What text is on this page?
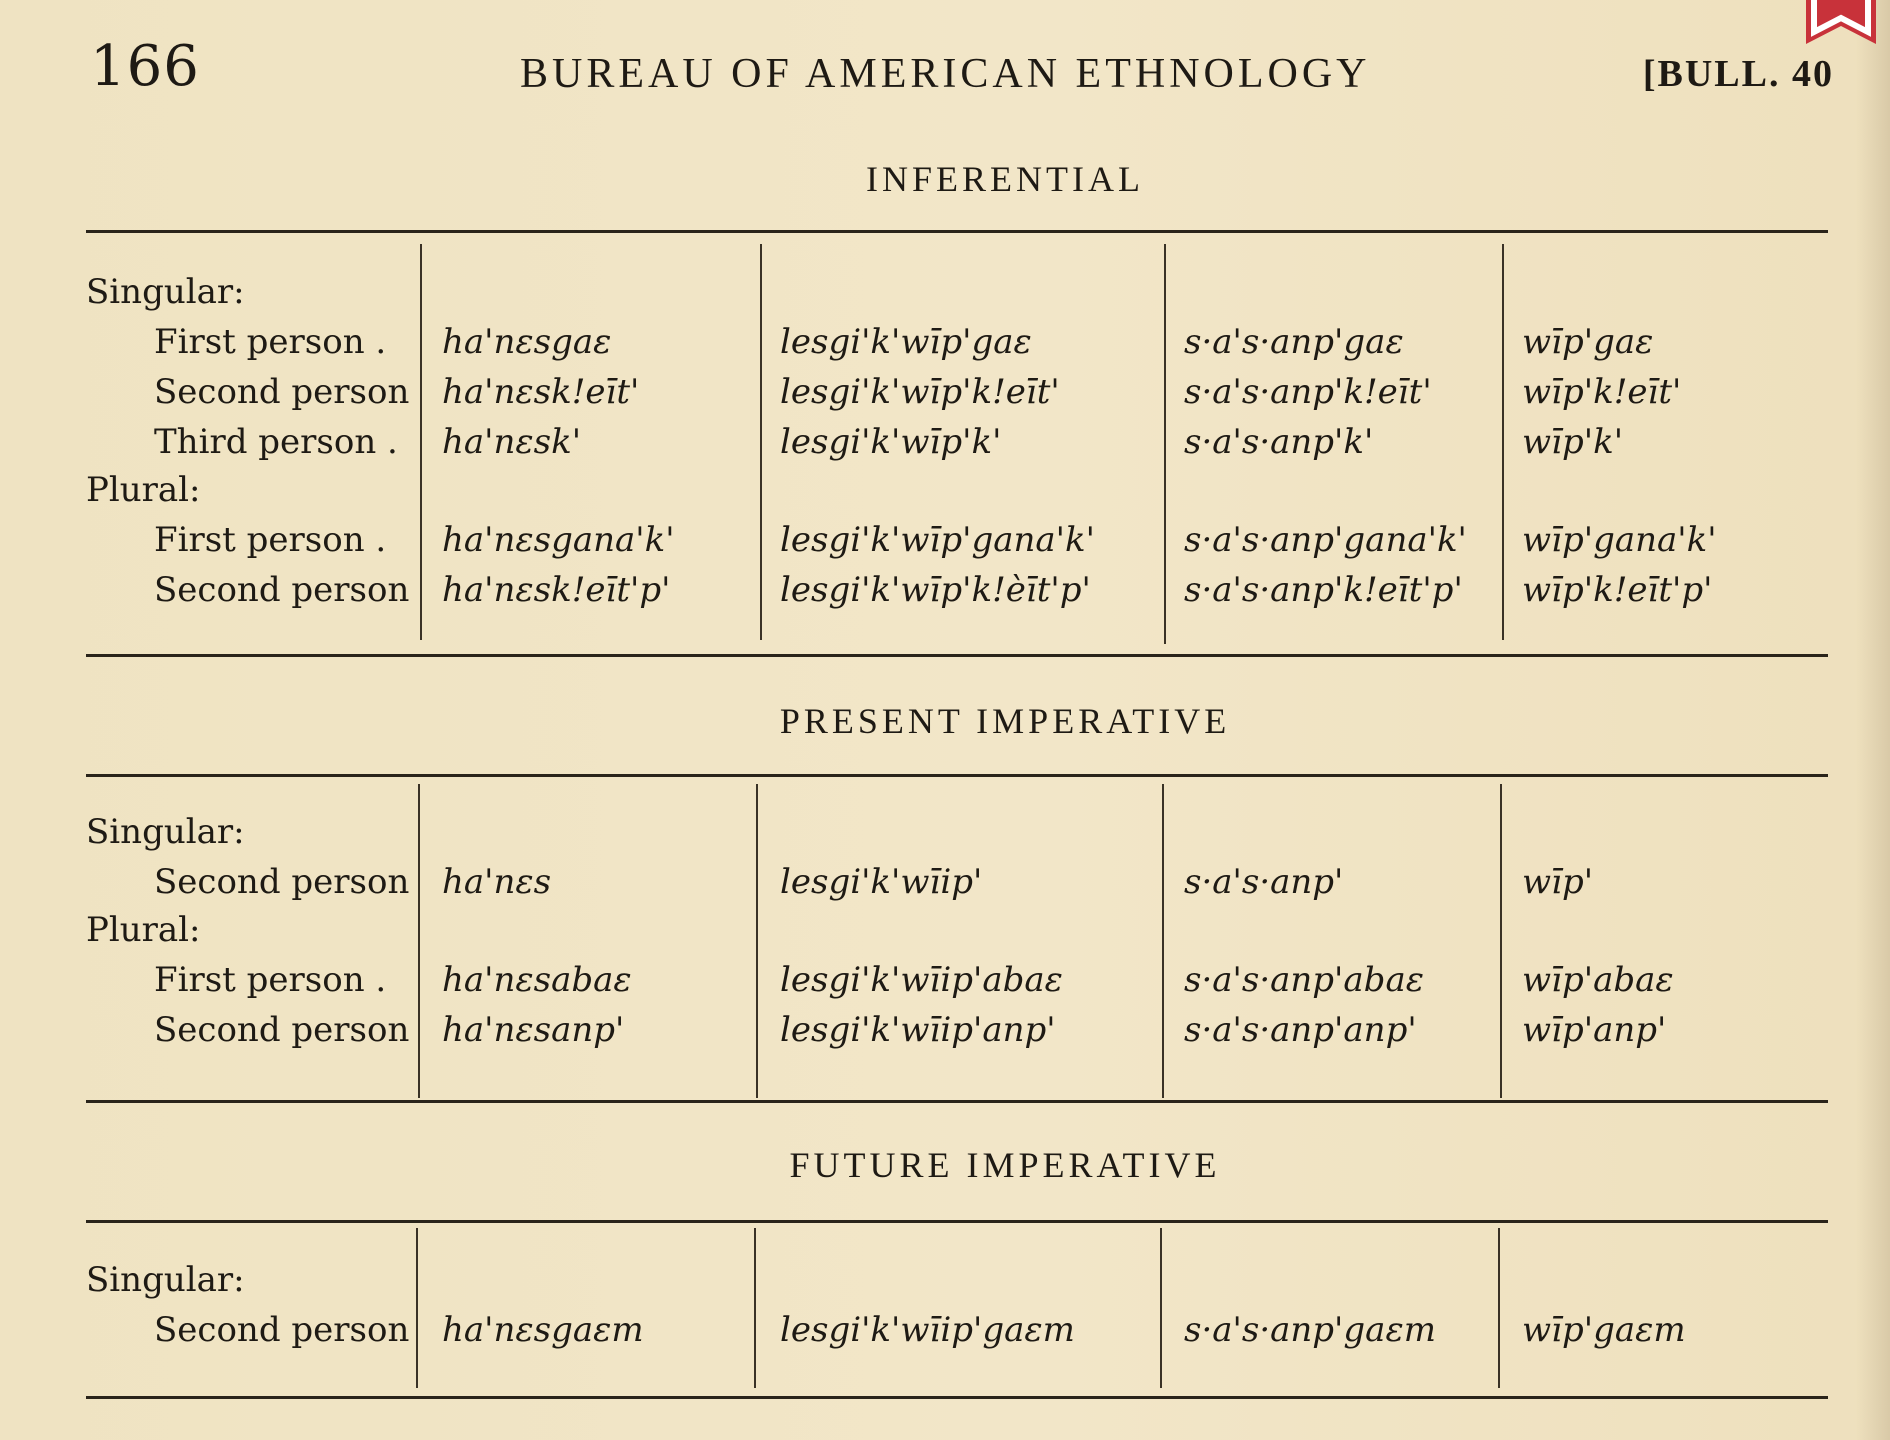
166	BUREAU OF AMERICAN ETHNOLOGY	[BULL. 40
INFERENTIAL
Singular:
First person . ha'nεsgaε	lesgi'k'wīp'gaε	s·a's·anp'gaε	wīp'gaε
Second person ha'nεsk!eīt'	lesgi'k'wīp'k!eīt'	s·a's·anp'k!eīt'	wīp'k!eīt'
Third person . ha'nεsk'	lesgi'k'wīp'k'	s·a's·anp'k'	wīp'k'
Plural:
First person . ha'nεsgana'k'	lesgi'k'wīp'gana'k'	s·a's·anp'gana'k' wīp'gana'k'
Second person ha'nεsk!eīt'p'	lesgi'k'wīp'k!èīt'p'	s·a's·anp'k!eīt'p' wīp'k!eīt'p'
PRESENT IMPERATIVE
Singular:
Second person ha'nεs	lesgi'k'wīip'	s·a's·anp'	wīp'
Plural:
First person . ha'nεsabaε	lesgi'k'wīip'abaε	s·a's·anp'abaε	wīp'abaε
Second person ha'nεsanp'	lesgi'k'wīip'anp'	s·a's·anp'anp'	wīp'anp'
FUTURE IMPERATIVE
Singular:
Second person ha'nεsgaεm	lesgi'k'wīip'gaεm	s·a's·anp'gaεm	wīp'gaεm
